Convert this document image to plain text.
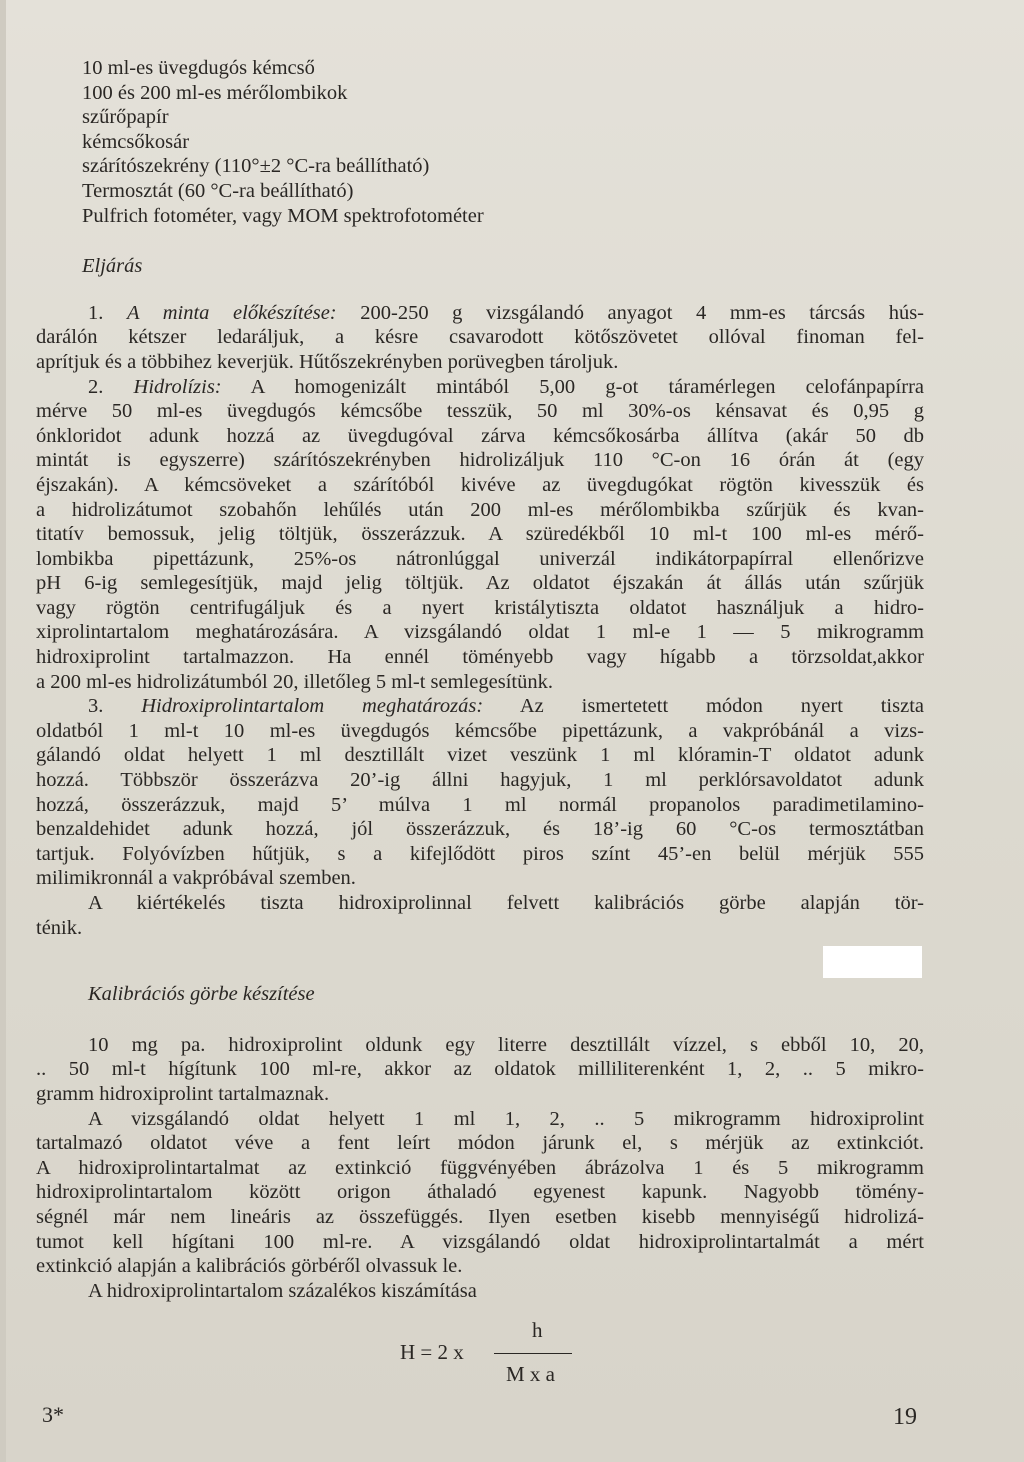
10 ml-es üvegdugós kémcső
100 és 200 ml-es mérőlombikok
szűrőpapír
kémcsőkosár
szárítószekrény (110°±2 °C-ra beállítható)
Termosztát (60 °C-ra beállítható)
Pulfrich fotométer, vagy MOM spektrofotométer
Eljárás
1. A minta előkészítése: 200-250 g vizsgálandó anyagot 4 mm-es tárcsás hús-
darálón kétszer ledaráljuk, a késre csavarodott kötőszövetet ollóval finoman fel-
aprítjuk és a többihez keverjük. Hűtőszekrényben porüvegben tároljuk.
2. Hidrolízis: A homogenizált mintából 5,00 g-ot táramérlegen celofánpapírra
mérve 50 ml-es üvegdugós kémcsőbe tesszük, 50 ml 30%-os kénsavat és 0,95 g
ónkloridot adunk hozzá az üvegdugóval zárva kémcsőkosárba állítva (akár 50 db
mintát is egyszerre) szárítószekrényben hidrolizáljuk 110 °C-on 16 órán át (egy
éjszakán). A kémcsöveket a szárítóból kivéve az üvegdugókat rögtön kivesszük és
a hidrolizátumot szobahőn lehűlés után 200 ml-es mérőlombikba szűrjük és kvan-
titatív bemossuk, jelig töltjük, összerázzuk. A szüredékből 10 ml-t 100 ml-es mérő-
lombikba pipettázunk, 25%-os nátronlúggal univerzál indikátorpapírral ellenőrizve
pH 6-ig semlegesítjük, majd jelig töltjük. Az oldatot éjszakán át állás után szűrjük
vagy rögtön centrifugáljuk és a nyert kristálytiszta oldatot használjuk a hidro-
xiprolintartalom meghatározására. A vizsgálandó oldat 1 ml-e 1 — 5 mikrogramm
hidroxiprolint tartalmazzon. Ha ennél töményebb vagy hígabb a törzsoldat,akkor
a 200 ml-es hidrolizátumból 20, illetőleg 5 ml-t semlegesítünk.
3. Hidroxiprolintartalom meghatározás: Az ismertetett módon nyert tiszta
oldatból 1 ml-t 10 ml-es üvegdugós kémcsőbe pipettázunk, a vakpróbánál a vizs-
gálandó oldat helyett 1 ml desztillált vizet veszünk 1 ml klóramin-T oldatot adunk
hozzá. Többször összerázva 20’-ig állni hagyjuk, 1 ml perklórsavoldatot adunk
hozzá, összerázzuk, majd 5’ múlva 1 ml normál propanolos paradimetilamino-
benzaldehidet adunk hozzá, jól összerázzuk, és 18’-ig 60 °C-os termosztátban
tartjuk. Folyóvízben hűtjük, s a kifejlődött piros színt 45’-en belül mérjük 555
milimikronnál a vakpróbával szemben.
A kiértékelés tiszta hidroxiprolinnal felvett kalibrációs görbe alapján tör-
ténik.
Kalibrációs görbe készítése
10 mg pa. hidroxiprolint oldunk egy literre desztillált vízzel, s ebből 10, 20,
.. 50 ml-t hígítunk 100 ml-re, akkor az oldatok milliliterenként 1, 2, .. 5 mikro-
gramm hidroxiprolint tartalmaznak.
A vizsgálandó oldat helyett 1 ml 1, 2, .. 5 mikrogramm hidroxiprolint
tartalmazó oldatot véve a fent leírt módon járunk el, s mérjük az extinkciót.
A hidroxiprolintartalmat az extinkció függvényében ábrázolva 1 és 5 mikrogramm
hidroxiprolintartalom között origon áthaladó egyenest kapunk. Nagyobb tömény-
ségnél már nem lineáris az összefüggés. Ilyen esetben kisebb mennyiségű hidrolizá-
tumot kell hígítani 100 ml-re. A vizsgálandó oldat hidroxiprolintartalmát a mért
extinkció alapján a kalibrációs görbéről olvassuk le.
A hidroxiprolintartalom százalékos kiszámítása
h
H = 2 x
M x a
3*	19
